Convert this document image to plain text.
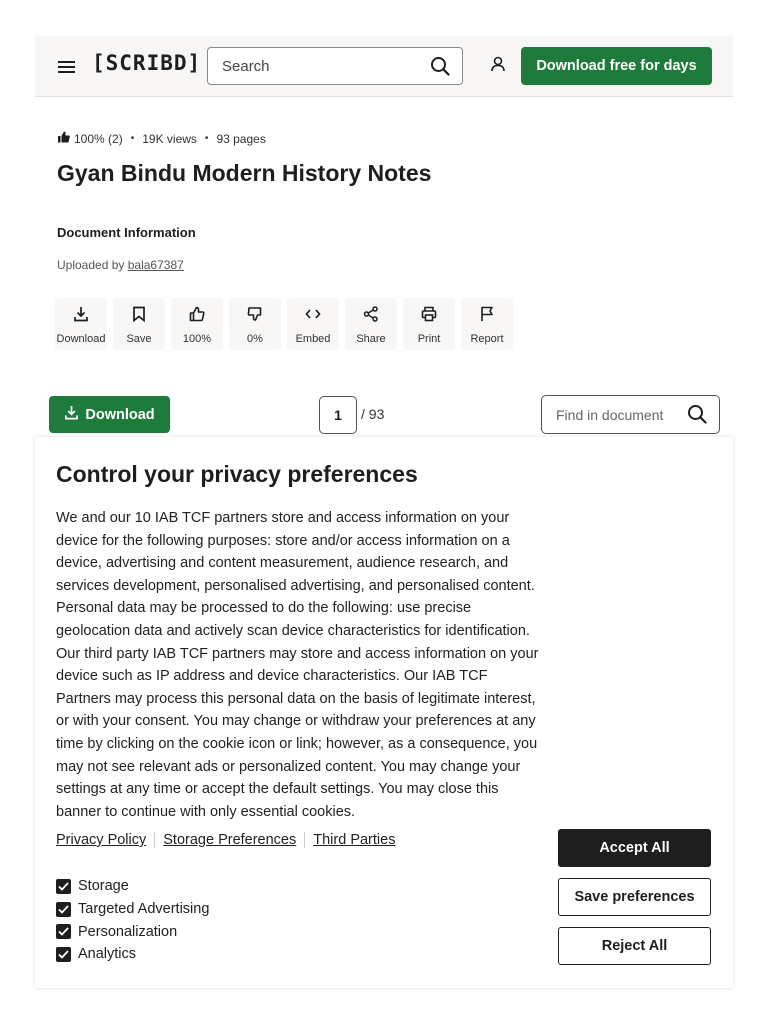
[SCRIBD]
Search	Download free for days
100% (2) • 19K views • 93 pages
Gyan Bindu Modern History Notes
Document Information
Uploaded by bala67387
Download Save	100%	0%	Embed Share	Print	Report
Download	1	/ 93
Find in document
Control your privacy preferences

We and our 10 IAB TCF partners store and access information on your device for the following purposes: store and/or access information on a device, advertising and content measurement, audience research, and services development, personalised advertising, and personalised content. Personal data may be processed to do the following: use precise geolocation data and actively scan device characteristics for identification. Our third party IAB TCF partners may store and access information on your device such as IP address and device characteristics. Our IAB TCF Partners may process this personal data on the basis of legitimate interest, or with your consent. You may change or withdraw your preferences at any time by clicking on the cookie icon or link; however, as a consequence, you may not see relevant ads or personalized content. You may change your settings at any time or accept the default settings. You may close this banner to continue with only essential cookies.

Privacy Policy Storage Preferences Third Parties
Storage
Targeted Advertising
Personalization
Analytics
Accept All
Save preferences
Reject All
